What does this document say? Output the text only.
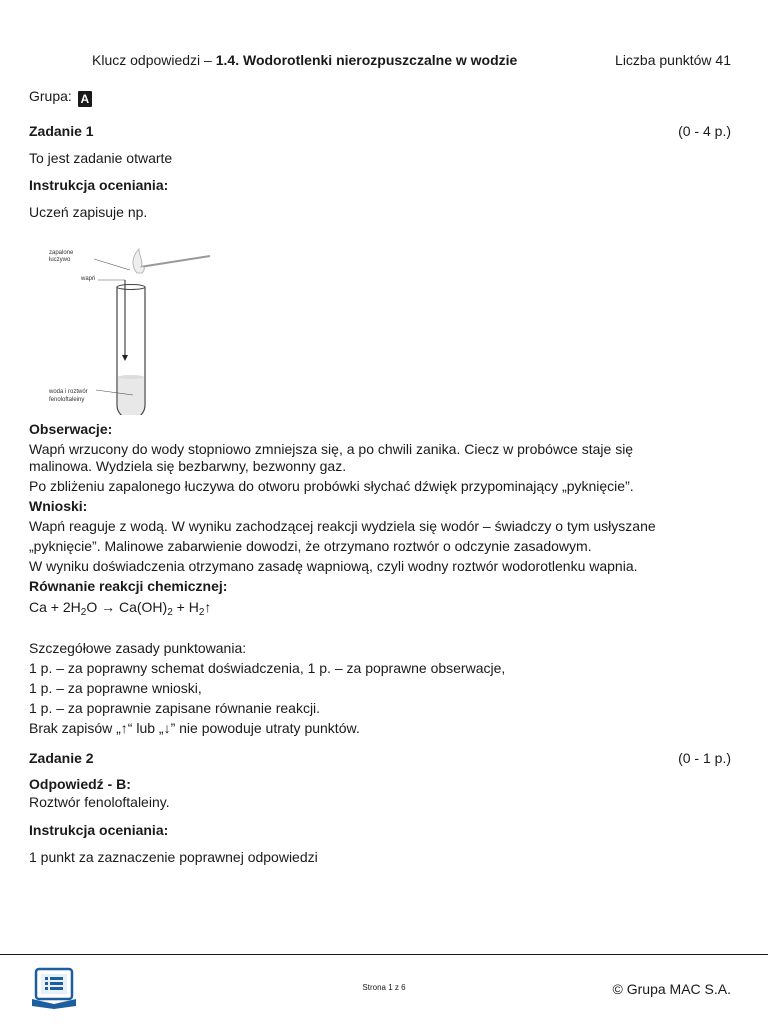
Klucz odpowiedzi – 1.4. Wodorotlenki nierozpuszczalne w wodzie	Liczba punktów 41
Grupa: A
Zadanie 1	(0 - 4 p.)
To jest zadanie otwarte
Instrukcja oceniania:
Uczeń zapisuje np.
zapalone łuczywo
wapń
woda i roztwór
fenoloftaleiny
Obserwacje:
Wapń wrzucony do wody stopniowo zmniejsza się, a po chwili zanika. Ciecz w probówce staje się
malinowa. Wydziela się bezbarwny, bezwonny gaz.
Po zbliżeniu zapalonego łuczywa do otworu probówki słychać dźwięk przypominający „pyknięcie”.
Wnioski:
Wapń reaguje z wodą. W wyniku zachodzącej reakcji wydziela się wodór – świadczy o tym usłyszane
„pyknięcie”. Malinowe zabarwienie dowodzi, że otrzymano roztwór o odczynie zasadowym.
W wyniku doświadczenia otrzymano zasadę wapniową, czyli wodny roztwór wodorotlenku wapnia.
Równanie reakcji chemicznej:
$Ca + 2H_2O \to Ca(OH)_2$ + $H_2↑$
Szczegółowe zasady punktowania:
1 p. – za poprawny schemat doświadczenia, 1 p. – za poprawne obserwacje,
1 p. – za poprawne wnioski,
1 p. – za poprawnie zapisane równanie reakcji.
Brak zapisów „↑“ lub „↓” nie powoduje utraty punktów.
Zadanie 2	(0 - 1 p.)
Odpowiedź - B:
Roztwór fenoloftaleiny.
Instrukcja oceniania:
1 punkt za zaznaczenie poprawnej odpowiedzi
Strona 1 z 6	© Grupa MAC S.A.
